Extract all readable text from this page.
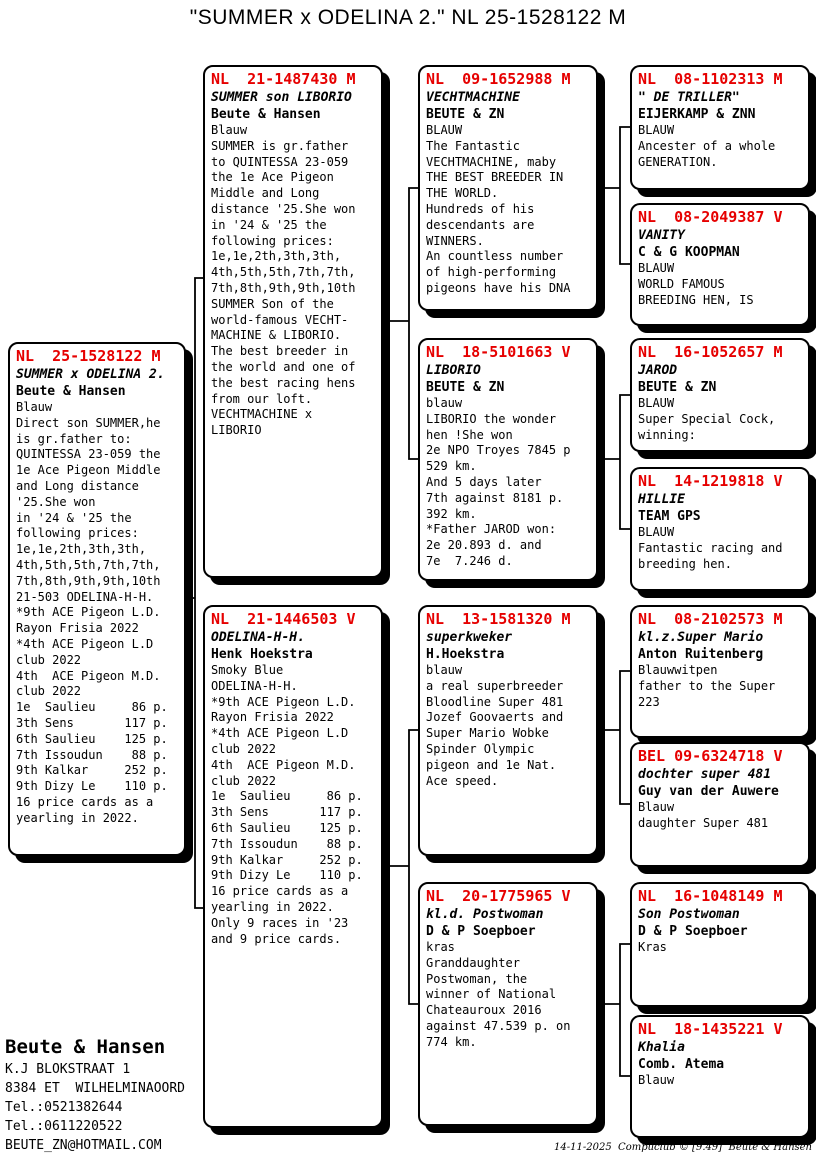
"SUMMER x ODELINA 2." NL 25-1528122 M
NL  25-1528122 M
SUMMER x ODELINA 2.
Beute & Hansen
Blauw
Direct son SUMMER,he
is gr.father to:
QUINTESSA 23-059 the
1e Ace Pigeon Middle
and Long distance
'25.She won
in '24 & '25 the
following prices:
1e,1e,2th,3th,3th,
4th,5th,5th,7th,7th,
7th,8th,9th,9th,10th
21-503 ODELINA-H-H.
*9th ACE Pigeon L.D.
Rayon Frisia 2022
*4th ACE Pigeon L.D
club 2022
4th  ACE Pigeon M.D.
club 2022
1e  Saulieu     86 p.
3th Sens       117 p.
6th Saulieu    125 p.
7th Issoudun    88 p.
9th Kalkar     252 p.
9th Dizy Le    110 p.
16 price cards as a
yearling in 2022.
NL  21-1487430 M
SUMMER son LIBORIO
Beute & Hansen
Blauw
SUMMER is gr.father
to QUINTESSA 23-059
the 1e Ace Pigeon
Middle and Long
distance '25.She won
in '24 & '25 the
following prices:
1e,1e,2th,3th,3th,
4th,5th,5th,7th,7th,
7th,8th,9th,9th,10th
SUMMER Son of the
world-famous VECHT-
MACHINE & LIBORIO.
The best breeder in
the world and one of
the best racing hens
from our loft.
VECHTMACHINE x
LIBORIO
NL  21-1446503 V
ODELINA-H-H.
Henk Hoekstra
Smoky Blue
ODELINA-H-H.
*9th ACE Pigeon L.D.
Rayon Frisia 2022
*4th ACE Pigeon L.D
club 2022
4th  ACE Pigeon M.D.
club 2022
1e  Saulieu     86 p.
3th Sens       117 p.
6th Saulieu    125 p.
7th Issoudun    88 p.
9th Kalkar     252 p.
9th Dizy Le    110 p.
16 price cards as a
yearling in 2022.
Only 9 races in '23
and 9 price cards.
NL  09-1652988 M
VECHTMACHINE
BEUTE & ZN
BLAUW
The Fantastic
VECHTMACHINE, maby
THE BEST BREEDER IN
THE WORLD.
Hundreds of his
descendants are
WINNERS.
An countless number
of high-performing
pigeons have his DNA
NL  18-5101663 V
LIBORIO
BEUTE & ZN
blauw
LIBORIO the wonder
hen !She won
2e NPO Troyes 7845 p
529 km.
And 5 days later
7th against 8181 p.
392 km.
*Father JAROD won:
2e 20.893 d. and
7e  7.246 d.
NL  13-1581320 M
superkweker
H.Hoekstra
blauw
a real superbreeder
Bloodline Super 481
Jozef Goovaerts and
Super Mario Wobke
Spinder Olympic
pigeon and 1e Nat.
Ace speed.
NL  20-1775965 V
kl.d. Postwoman
D & P Soepboer
kras
Granddaughter
Postwoman, the
winner of National
Chateauroux 2016
against 47.539 p. on
774 km.
NL  08-1102313 M
" DE TRILLER"
EIJERKAMP & ZNN
BLAUW
Ancester of a whole
GENERATION.
NL  08-2049387 V
VANITY
C & G KOOPMAN
BLAUW
WORLD FAMOUS
BREEDING HEN, IS
NL  16-1052657 M
JAROD
BEUTE & ZN
BLAUW
Super Special Cock,
winning:
NL  14-1219818 V
HILLIE
TEAM GPS
BLAUW
Fantastic racing and
breeding hen.
NL  08-2102573 M
kl.z.Super Mario
Anton Ruitenberg
Blauwwitpen
father to the Super
223
BEL 09-6324718 V
dochter super 481
Guy van der Auwere
Blauw
daughter Super 481
NL  16-1048149 M
Son Postwoman
D & P Soepboer
Kras
NL  18-1435221 V
Khalia
Comb. Atema
Blauw
Beute & Hansen
K.J BLOKSTRAAT 1
8384 ET  WILHELMINAOORD
Tel.:0521382644
Tel.:0611220522
BEUTE_ZN@HOTMAIL.COM	14-11-2025  Compuclub © [9.49]  Beute & Hansen
